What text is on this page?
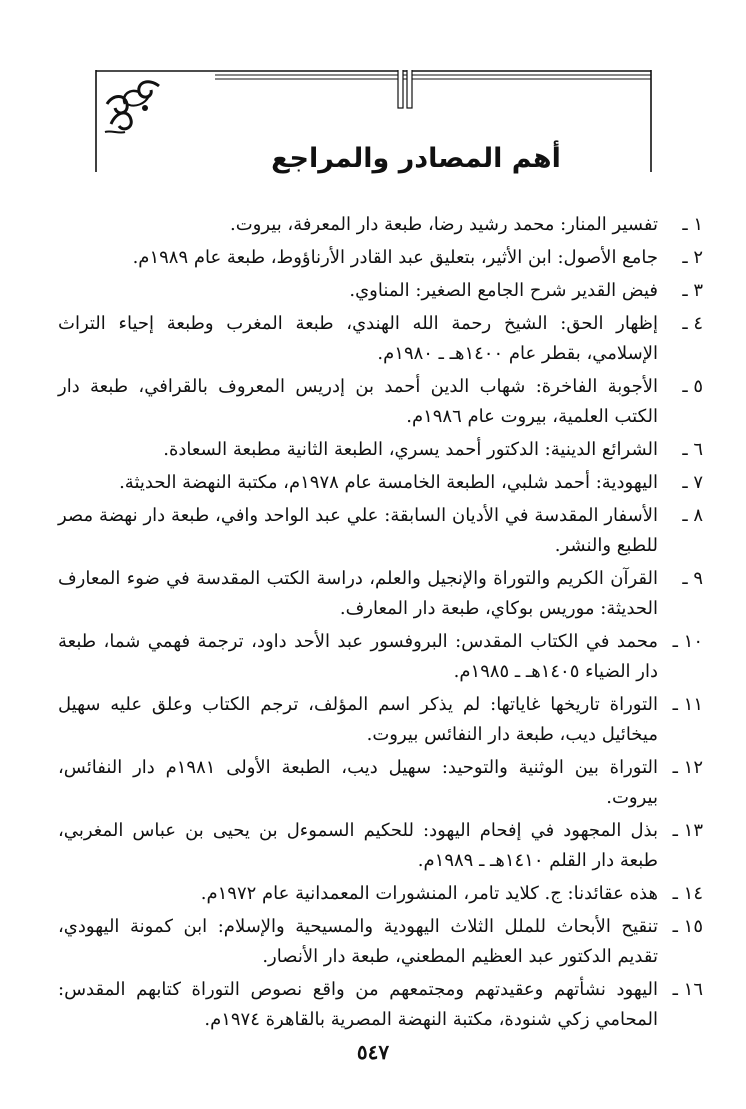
أهم المصادر والمراجع
١ ـ
تفسير المنار: محمد رشيد رضا، طبعة دار المعرفة، بيروت.
٢ ـ
جامع الأصول: ابن الأثير، بتعليق عبد القادر الأرناؤوط، طبعة عام ١٩٨٩م.
٣ ـ
فيض القدير شرح الجامع الصغير: المناوي.
٤ ـ
إظهار الحق: الشيخ رحمة الله الهندي، طبعة المغرب وطبعة إحياء التراث الإسلامي، بقطر عام ١٤٠٠هـ ـ ١٩٨٠م.
٥ ـ
الأجوبة الفاخرة: شهاب الدين أحمد بن إدريس المعروف بالقرافي، طبعة دار الكتب العلمية، بيروت عام ١٩٨٦م.
٦ ـ
الشرائع الدينية: الدكتور أحمد يسري، الطبعة الثانية مطبعة السعادة.
٧ ـ
اليهودية: أحمد شلبي، الطبعة الخامسة عام ١٩٧٨م، مكتبة النهضة الحديثة.
٨ ـ
الأسفار المقدسة في الأديان السابقة: علي عبد الواحد وافي، طبعة دار نهضة مصر للطبع والنشر.
٩ ـ
القرآن الكريم والتوراة والإنجيل والعلم، دراسة الكتب المقدسة في ضوء المعارف الحديثة: موريس بوكاي، طبعة دار المعارف.
١٠ ـ
محمد في الكتاب المقدس: البروفسور عبد الأحد داود، ترجمة فهمي شما، طبعة دار الضياء ١٤٠٥هـ ـ ١٩٨٥م.
١١ ـ
التوراة تاريخها غاياتها: لم يذكر اسم المؤلف، ترجم الكتاب وعلق عليه سهيل ميخائيل ديب، طبعة دار النفائس بيروت.
١٢ ـ
التوراة بين الوثنية والتوحيد: سهيل ديب، الطبعة الأولى ١٩٨١م دار النفائس، بيروت.
١٣ ـ
بذل المجهود في إفحام اليهود: للحكيم السموءل بن يحيى بن عباس المغربي، طبعة دار القلم ١٤١٠هـ ـ ١٩٨٩م.
١٤ ـ
هذه عقائدنا: ج. كلايد تامر، المنشورات المعمدانية عام ١٩٧٢م.
١٥ ـ
تنقيح الأبحاث للملل الثلاث اليهودية والمسيحية والإسلام: ابن كمونة اليهودي، تقديم الدكتور عبد العظيم المطعني، طبعة دار الأنصار.
١٦ ـ
اليهود نشأتهم وعقيدتهم ومجتمعهم من واقع نصوص التوراة كتابهم المقدس: المحامي زكي شنودة، مكتبة النهضة المصرية بالقاهرة ١٩٧٤م.
٥٤٧
